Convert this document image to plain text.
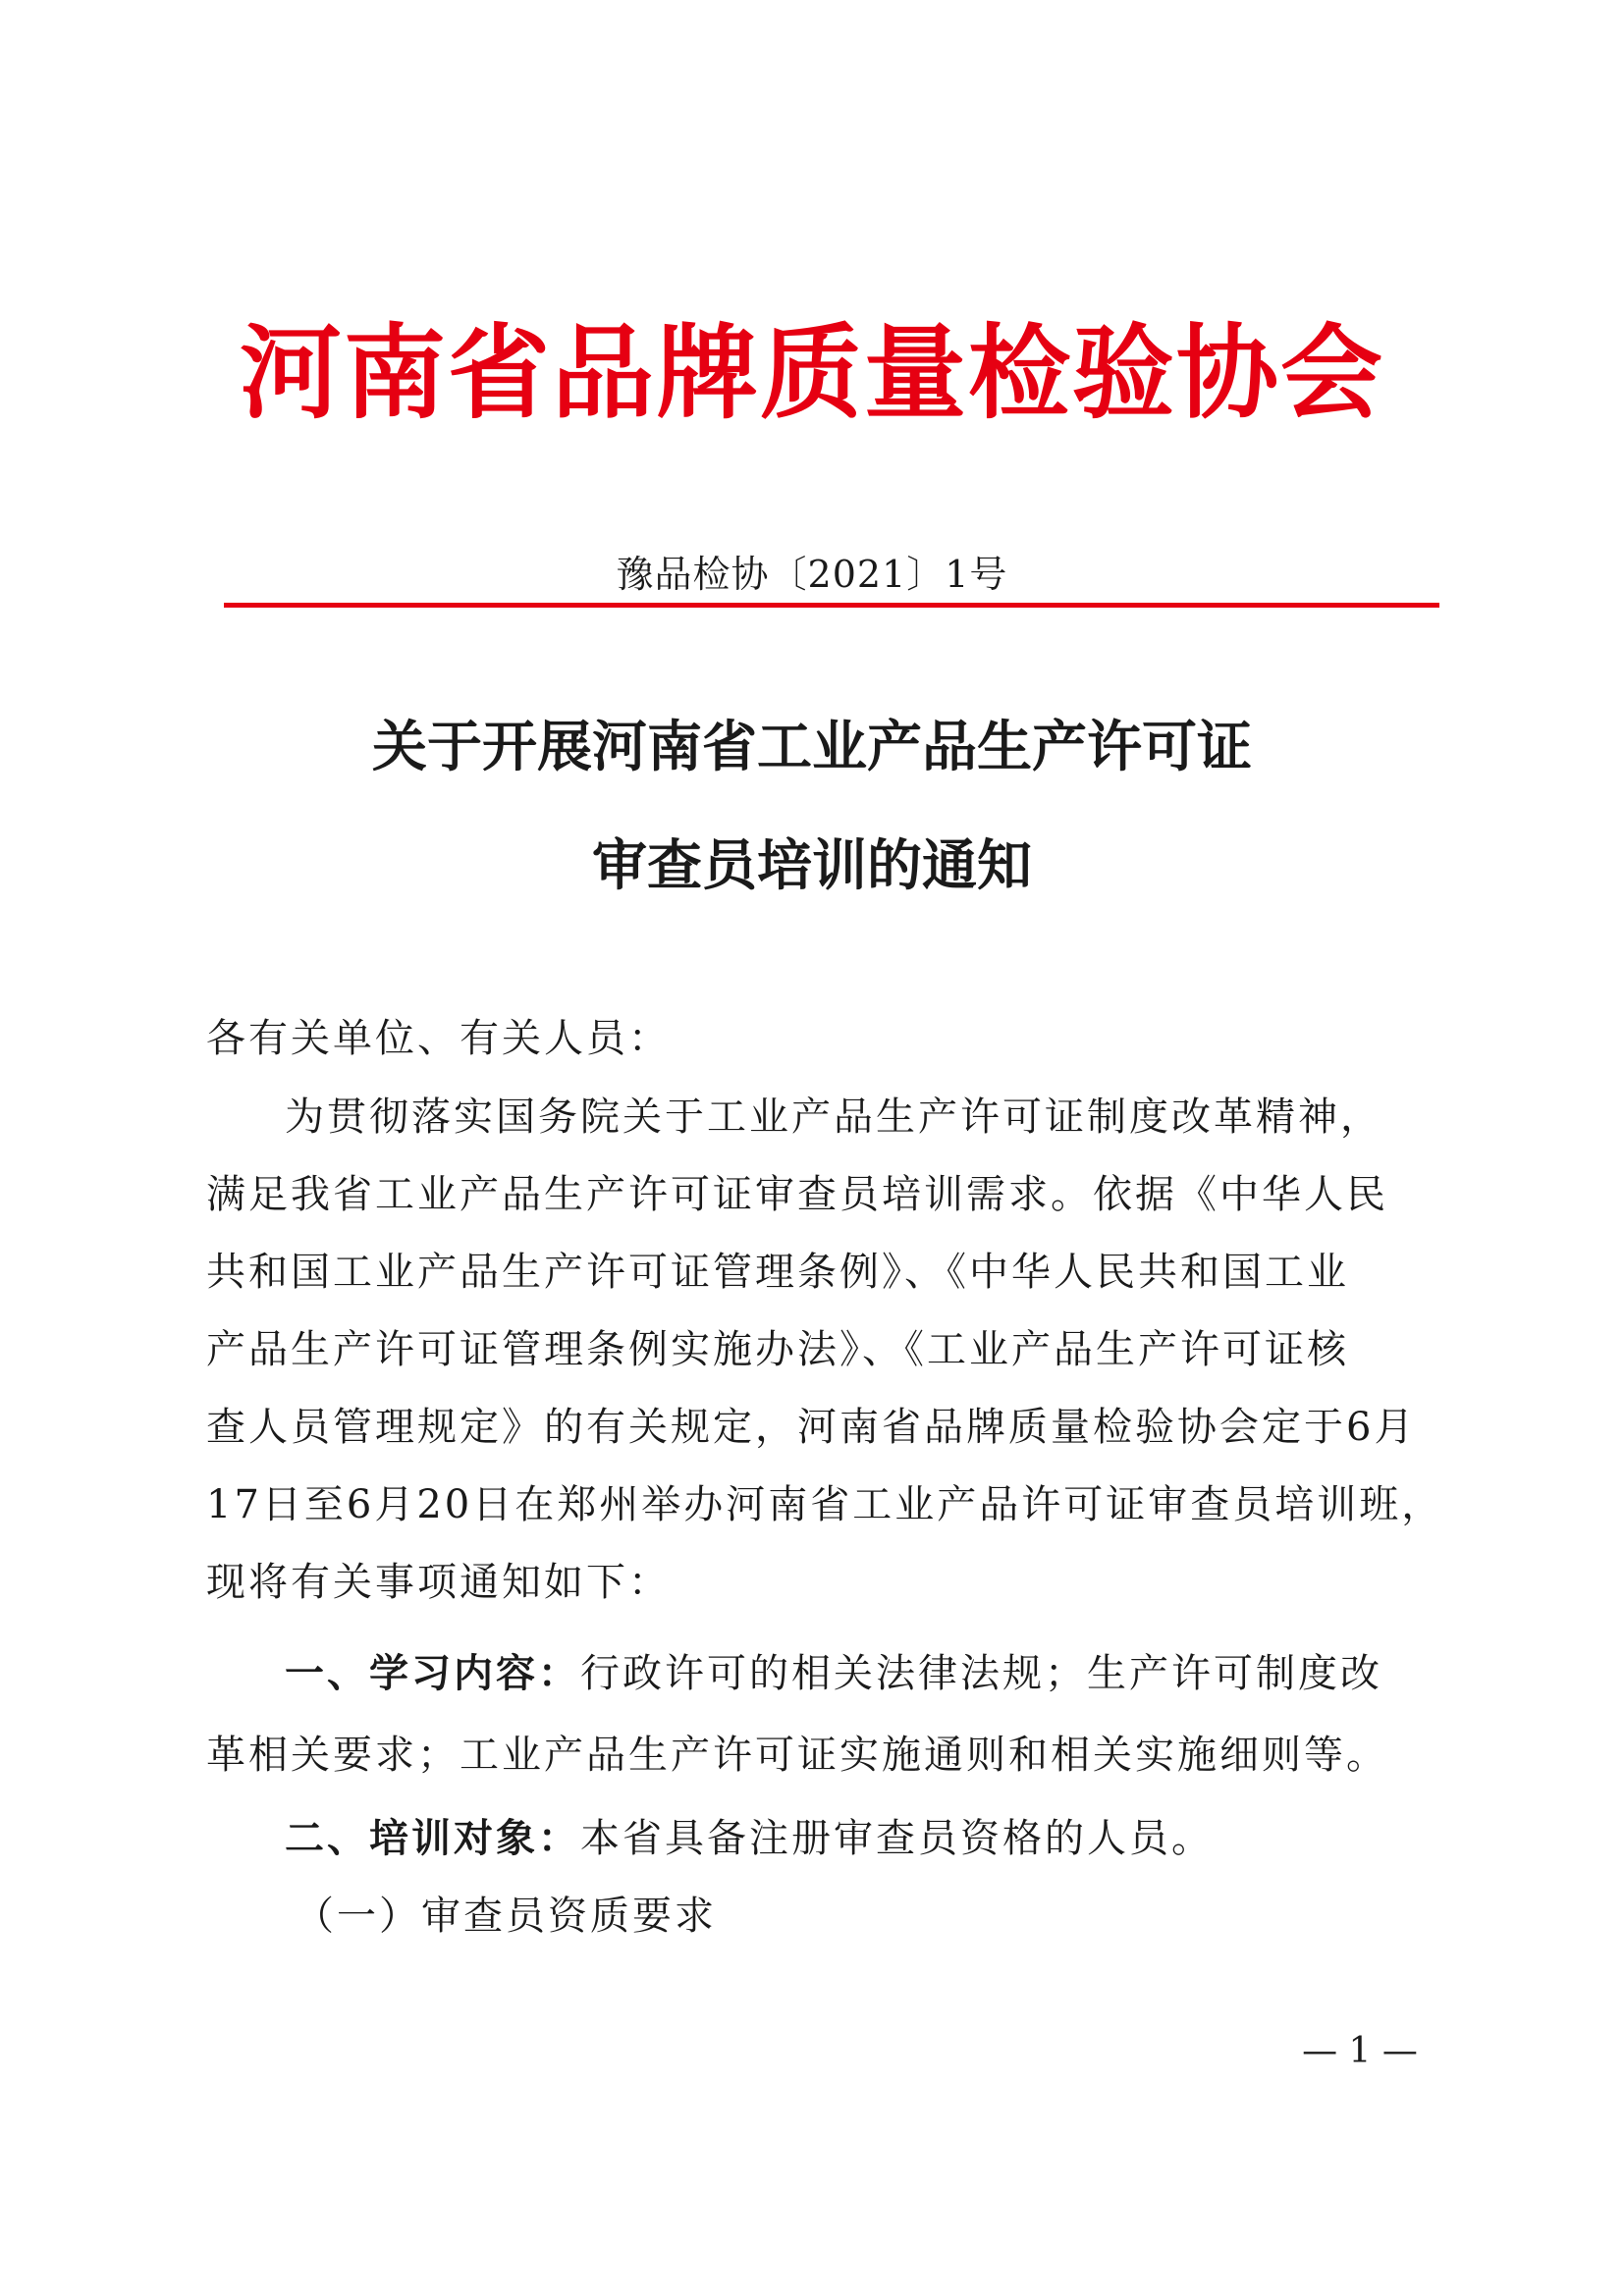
河南省品牌质量检验协会
豫品检协〔2021〕1号
关于开展河南省工业产品生产许可证
审查员培训的通知
各有关单位、有关人员：
为贯彻落实国务院关于工业产品生产许可证制度改革精神，
满足我省工业产品生产许可证审查员培训需求。依据《中华人民
共和国工业产品生产许可证管理条例》、《中华人民共和国工业
产品生产许可证管理条例实施办法》、《工业产品生产许可证核
查人员管理规定》的有关规定，河南省品牌质量检验协会定于6月
17日至6月20日在郑州举办河南省工业产品许可证审查员培训班，
现将有关事项通知如下：
一、学习内容：行政许可的相关法律法规；生产许可制度改
革相关要求；工业产品生产许可证实施通则和相关实施细则等。
二、培训对象：本省具备注册审查员资格的人员。
（一）审查员资质要求
— 1 —
